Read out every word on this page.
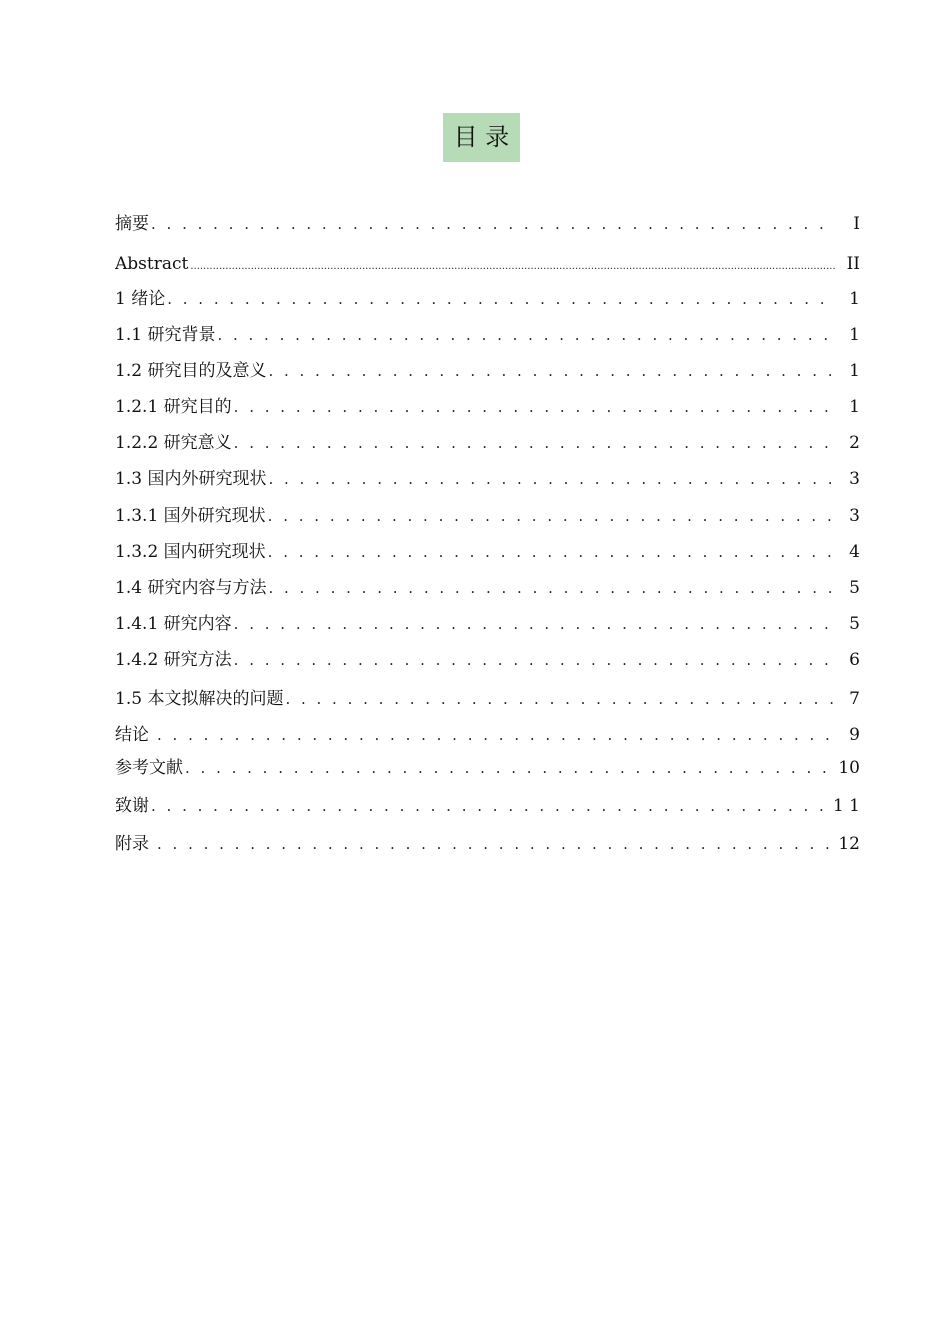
目 录
摘要 . . .	I
Abstract .....	II
1 绪论 . . .	1
1.1 研究背景 . . .	1
1.2 研究目的及意义 . . .	1
1.2.1 研究目的 . . .	1
1.2.2 研究意义 . . .	2
1.3 国内外研究现状 . . .	3
1.3.1 国外研究现状 . . .	3
1.3.2 国内研究现状 . . .	4
1.4 研究内容与方法 . . .	5
1.4.1 研究内容 . . .	5
1.4.2 研究方法 . . .	6
1.5 本文拟解决的问题 . . .	7
结论 . . .	9
参考文献 . . .	10
致谢 . . .	1 1
附录 . . .	12
